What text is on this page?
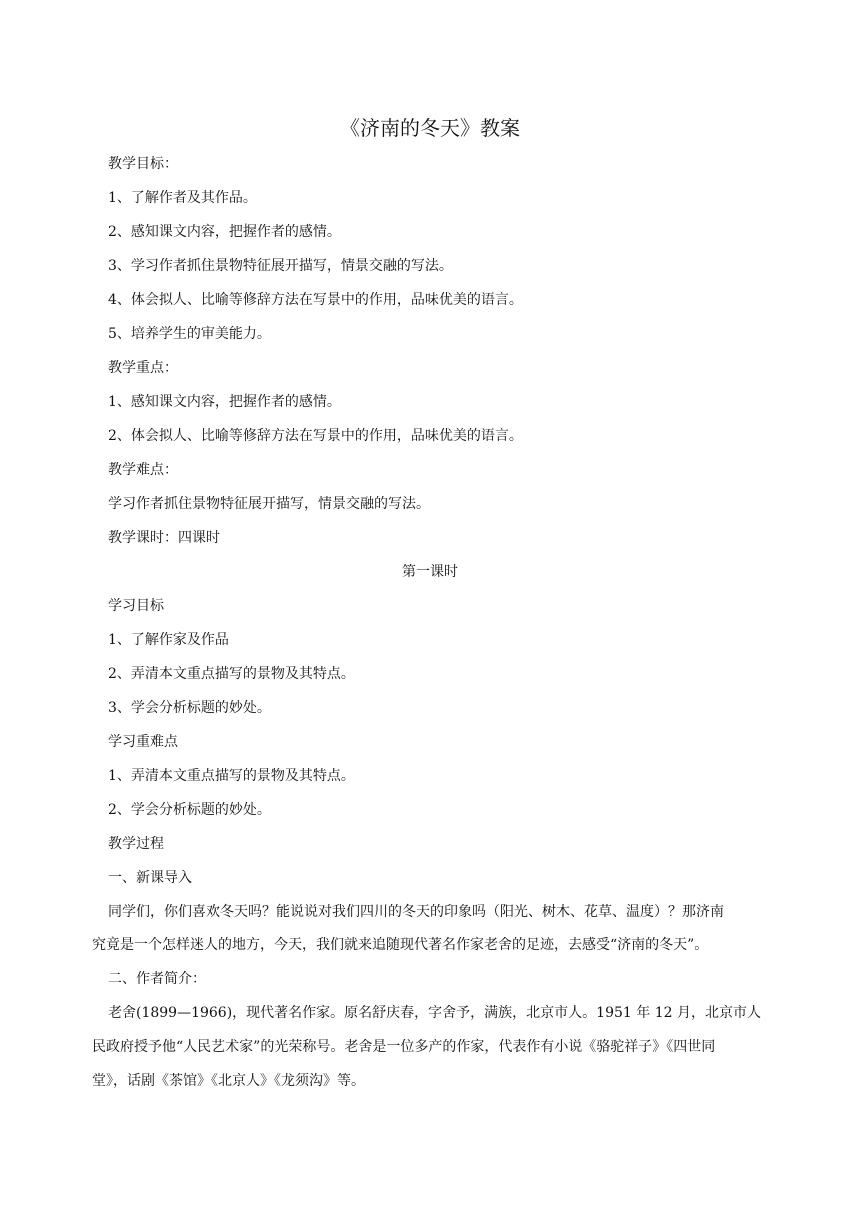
《济南的冬天》教案
教学目标：
1、了解作者及其作品。
2、感知课文内容，把握作者的感情。
3、学习作者抓住景物特征展开描写，情景交融的写法。
4、体会拟人、比喻等修辞方法在写景中的作用，品味优美的语言。
5、培养学生的审美能力。
教学重点：
1、感知课文内容，把握作者的感情。
2、体会拟人、比喻等修辞方法在写景中的作用，品味优美的语言。
教学难点：
学习作者抓住景物特征展开描写，情景交融的写法。
教学课时：四课时
第一课时
学习目标
1、了解作家及作品
2、弄清本文重点描写的景物及其特点。
3、学会分析标题的妙处。
学习重难点
1、弄清本文重点描写的景物及其特点。
2、学会分析标题的妙处。
教学过程
一、新课导入
同学们，你们喜欢冬天吗？能说说对我们四川的冬天的印象吗（阳光、树木、花草、温度）？那济南
究竟是一个怎样迷人的地方，今天，我们就来追随现代著名作家老舍的足迹，去感受“济南的冬天”。
二、作者简介：
老舍(1899—1966)，现代著名作家。原名舒庆春，字舍予，满族，北京市人。1951 年 12 月，北京市人
民政府授予他“人民艺术家”的光荣称号。老舍是一位多产的作家，代表作有小说《骆驼祥子》《四世同
堂》，话剧《茶馆》《北京人》《龙须沟》等。
